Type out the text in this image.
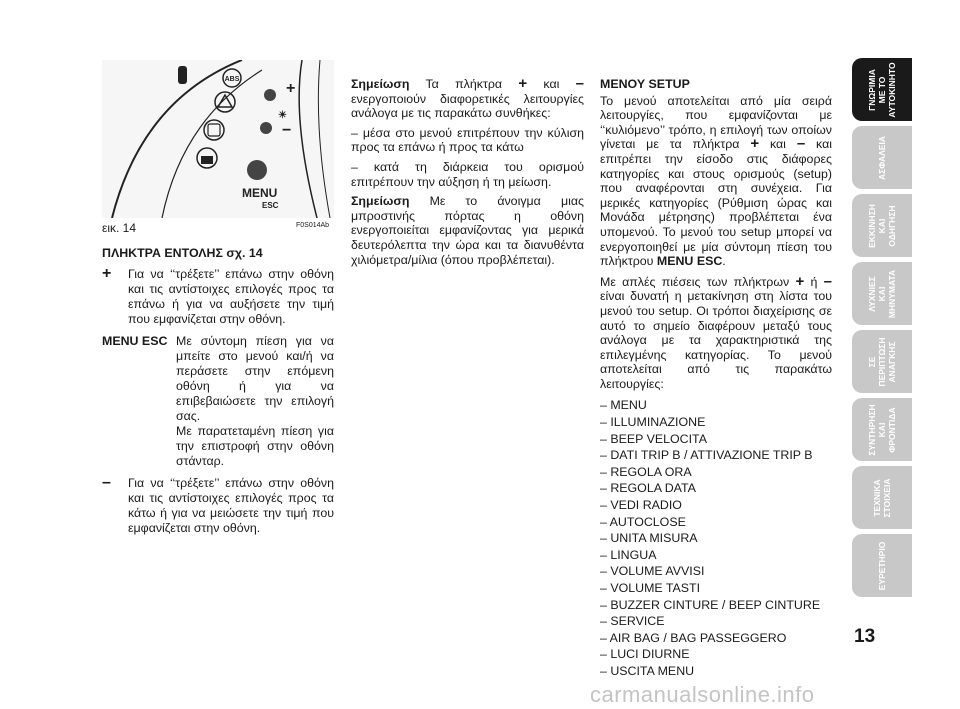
ABS
+
☀
−
MENU
ESC
εικ. 14	F0S014Ab
ΠΛΗΚΤΡΑ ΕΝΤΟΛΗΣ σχ. 14
+	Για να ‘‘τρέξετε’’ επάνω στην οθόνη και τις αντίστοιχες επιλογές προς τα επάνω ή για να αυξήσετε την τιμή που εμφανίζεται στην οθόνη.
MENU ESC Με σύντομη πίεση για να μπείτε στο μενού και/ή να περάσετε στην επόμενη οθόνη ή για να επιβεβαιώσετε την επιλογή σας.

Με παρατεταμένη πίεση για την επιστροφή στην οθόνη στάνταρ.

–	Για να ‘‘τρέξετε’’ επάνω στην οθόνη και τις αντίστοιχες επιλογές προς τα κάτω ή για να μειώσετε την τιμή που εμφανίζεται στην οθόνη.

Σημείωση Τα πλήκτρα + και – ενεργοποιούν διαφορετικές λειτουργίες ανάλογα με τις παρακάτω συνθήκες:

– μέσα στο μενού επιτρέπουν την κύλιση προς τα επάνω ή προς τα κάτω

– κατά τη διάρκεια του ορισμού επιτρέπουν την αύξηση ή τη μείωση.

Σημείωση Με το άνοιγμα μιας μπροστινής πόρτας η οθόνη ενεργοποιείται εμφανίζοντας για μερικά δευτερόλεπτα την ώρα και τα διανυθέντα χιλιόμετρα/μίλια (όπου προβλέπεται).

ΜΕΝΟΥ SETUP

Το μενού αποτελείται από μία σειρά λειτουργίες, που εμφανίζονται με ‘‘κυλιόμενο’’ τρόπο, η επιλογή των οποίων γίνεται με τα πλήκτρα + και – και επιτρέπει την είσοδο στις διάφορες κατηγορίες και στους ορισμούς (setup) που αναφέρονται στη συνέχεια. Για μερικές κατηγορίες (Ρύθμιση ώρας και Μονάδα μέτρησης) προβλέπεται ένα υπομενού. Το μενού του setup μπορεί να ενεργοποιηθεί με μία σύντομη πίεση του πλήκτρου MENU ESC.

Με απλές πιέσεις των πλήκτρων + ή – είναι δυνατή η μετακίνηση στη λίστα του μενού του setup. Οι τρόποι διαχείρισης σε αυτό το σημείο διαφέρουν μεταξύ τους ανάλογα με τα χαρακτηριστικά της επιλεγμένης κατηγορίας. Το μενού αποτελείται από τις παρακάτω λειτουργίες:

– MENU
– ILLUMINAZIONE
– BEEP VELOCITA
– DATI TRIP B / ATTIVAZIONE TRIP B
– REGOLA ORA
– REGOLA DATA
– VEDI RADIO
– AUTOCLOSE
– UNITA MISURA
– LINGUA
– VOLUME AVVISI
– VOLUME TASTI
– BUZZER CINTURE / BEEP CINTURE
– SERVICE
– AIR BAG / BAG PASSEGGERO
– LUCI DIURNE
– USCITA MENU
ΓΝΩΡΙΜΙΑ
ΜΕ ΤΟ
ΑΥΤΟΚΙΝΗΤΟ
ΑΣΦΑΛΕΙΑ
ΕΚΚΙΝΗΣΗ
ΚΑΙ
ΟΔΗΓΗΣΗ
ΛΥΧΝΙΕΣ
ΚΑΙ
ΜΗΝΥΜΑΤΑ
ΣΕ
ΠΕΡΙΠΤΩΣΗ
ΑΝΑΓΚΗΣ
ΣΥΝΤΗΡΗΣΗ
ΚΑΙ
ΦΡΟΝΤΙΔΑ
ΤΕΧΝΙΚΑ
ΣΤΟΙΧΕΙΑ
ΕΥΡΕΤΗΡΙΟ
13
carmanualsonline.info
